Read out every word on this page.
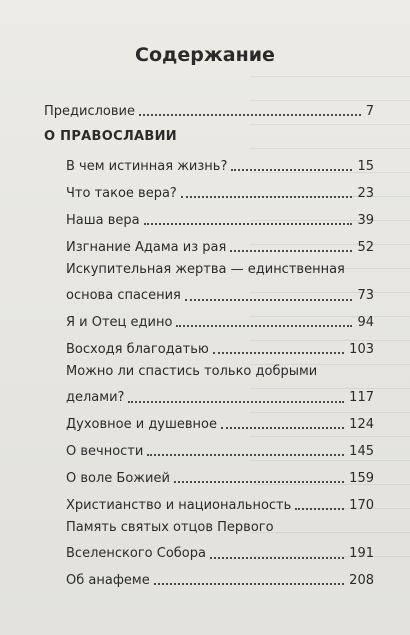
Содержание
Предисловие	7
О ПРАВОСЛАВИИ
В чем истинная жизнь?	15
Что такое вера?	23
Наша вера	39
Изгнание Адама из рая	52
Искупительная жертва — единственная
основа спасения	73
Я и Отец едино	94
Восходя благодатью	103
Можно ли спастись только добрыми
делами?	117
Духовное и душевное	124
О вечности	145
О воле Божией	159
Христианство и национальность	170
Память святых отцов Первого
Вселенского Собора	191
Об анафеме	208
